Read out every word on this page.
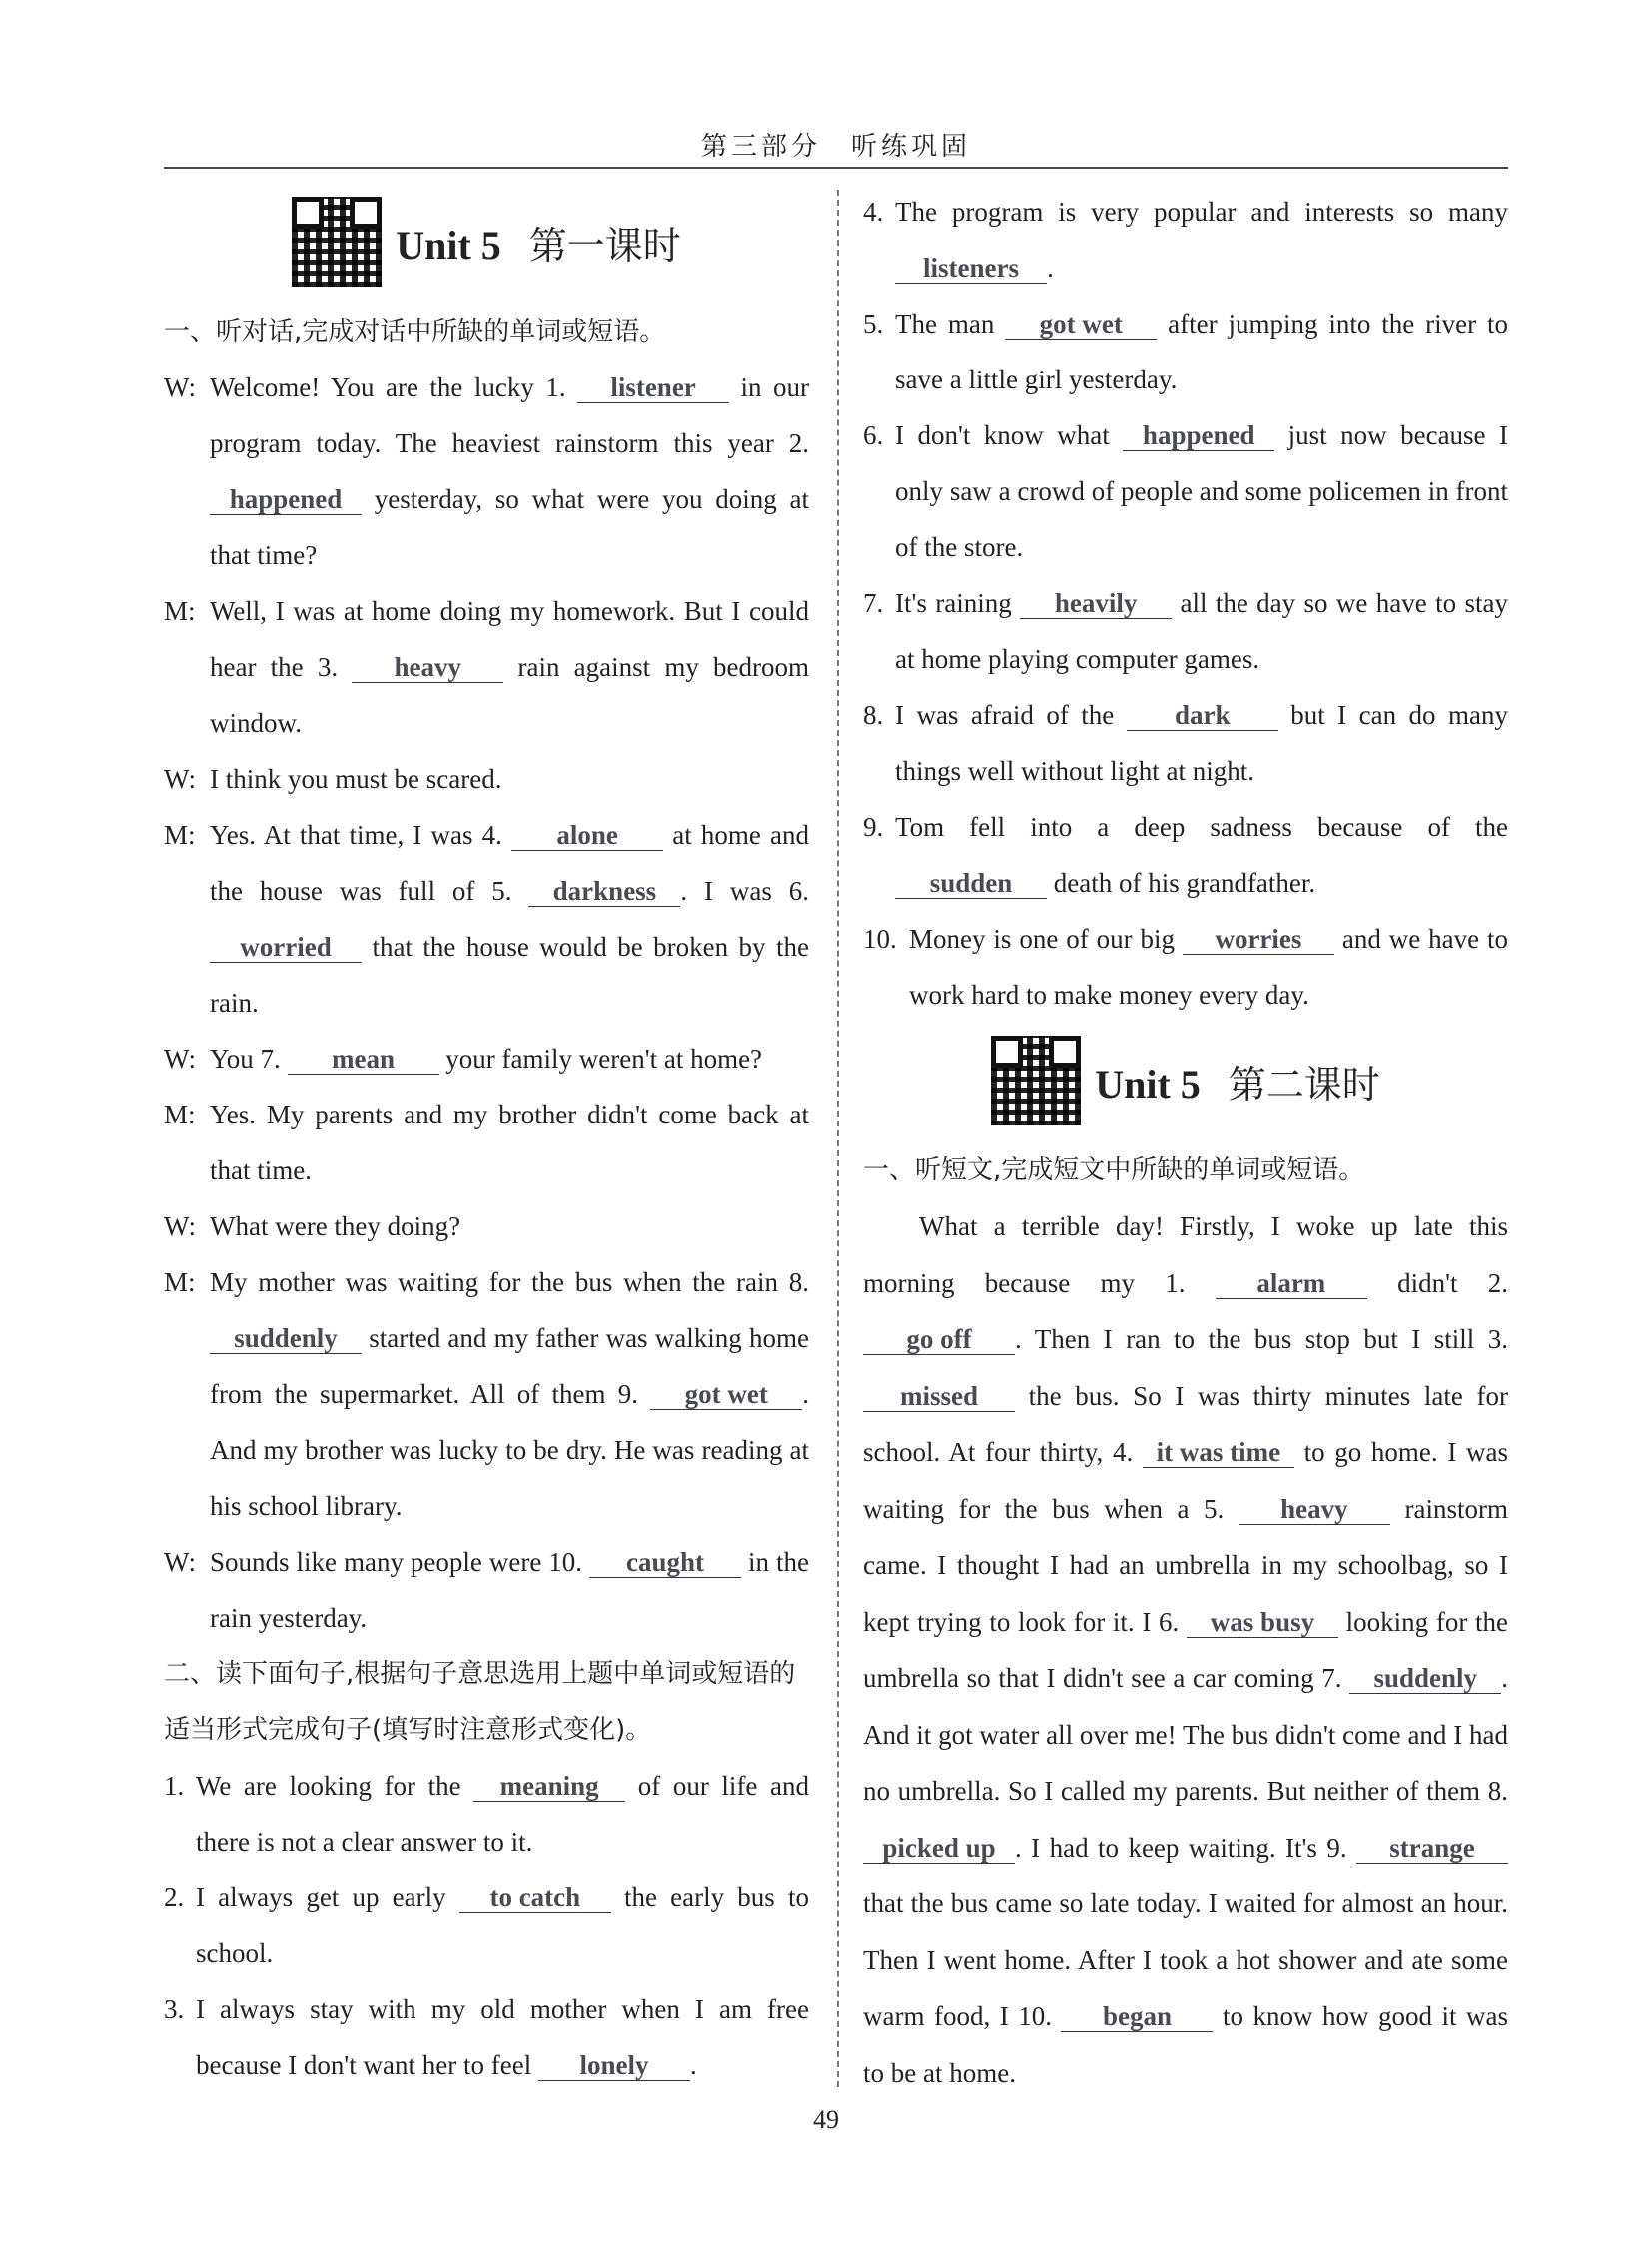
第三部分　听练巩固
Unit 5 第一课时
一、听对话,完成对话中所缺的单词或短语。
W: Welcome! You are the lucky 1. listener in our program today. The heaviest rainstorm this year 2. happened yesterday, so what were you doing at that time?
M: Well, I was at home doing my homework. But I could hear the 3. heavy rain against my bedroom window.
W: I think you must be scared.
M: Yes. At that time, I was 4. alone at home and the house was full of 5. darkness . I was 6. worried that the house would be broken by the rain.
W: You 7. mean your family weren't at home?
M: Yes. My parents and my brother didn't come back at that time.
W: What were they doing?
M: My mother was waiting for the bus when the rain 8. suddenly started and my father was walking home from the supermarket. All of them 9. got wet . And my brother was lucky to be dry. He was reading at his school library.
W: Sounds like many people were 10. caught in the rain yesterday.
二、读下面句子,根据句子意思选用上题中单词或短语的适当形式完成句子(填写时注意形式变化)。
1. We are looking for the meaning of our life and there is not a clear answer to it.
2. I always get up early to catch the early bus to school.
3. I always stay with my old mother when I am free because I don't want her to feel lonely .
4. The program is very popular and interests so many listeners .
5. The man got wet after jumping into the river to save a little girl yesterday.
6. I don't know what happened just now because I only saw a crowd of people and some policemen in front of the store.
7. It's raining heavily all the day so we have to stay at home playing computer games.
8. I was afraid of the dark but I can do many things well without light at night.
9. Tom fell into a deep sadness because of the sudden death of his grandfather.
10. Money is one of our big worries and we have to work hard to make money every day.
Unit 5 第二课时
一、听短文,完成短文中所缺的单词或短语。
What a terrible day! Firstly, I woke up late this morning because my 1. alarm didn't 2. go off . Then I ran to the bus stop but I still 3. missed the bus. So I was thirty minutes late for school. At four thirty, 4. it was time to go home. I was waiting for the bus when a 5. heavy rainstorm came. I thought I had an umbrella in my schoolbag, so I kept trying to look for it. I 6. was busy looking for the umbrella so that I didn't see a car coming 7. suddenly . And it got water all over me! The bus didn't come and I had no umbrella. So I called my parents. But neither of them 8. picked up . I had to keep waiting. It's 9. strange that the bus came so late today. I waited for almost an hour. Then I went home. After I took a hot shower and ate some warm food, I 10. began to know how good it was to be at home.
49
